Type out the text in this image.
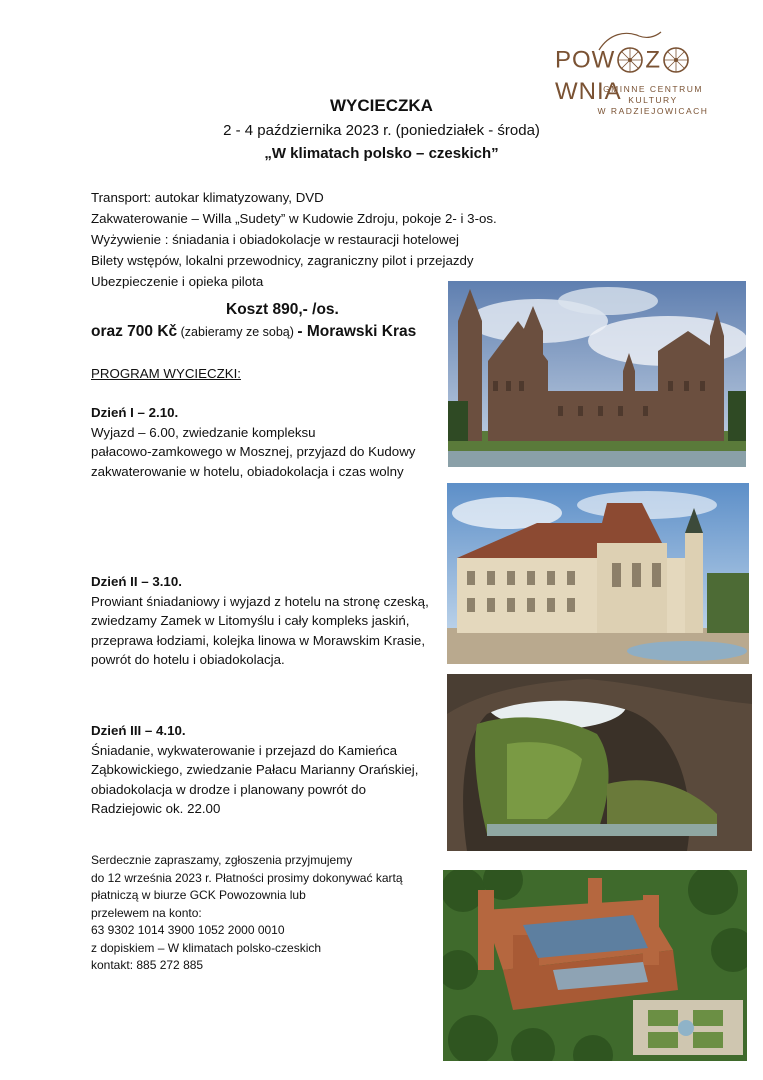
POW ZWNIA
GMINNE CENTRUM KULTURY
W RADZIEJOWICACH
WYCIECZKA
2 - 4 października 2023 r. (poniedziałek - środa)
„W klimatach polsko – czeskich”
Transport: autokar klimatyzowany, DVD
Zakwaterowanie – Willa „Sudety” w Kudowie Zdroju, pokoje 2- i 3-os.
Wyżywienie : śniadania i obiadokolacje w restauracji hotelowej
Bilety wstępów, lokalni przewodnicy, zagraniczny pilot i przejazdy
Ubezpieczenie i opieka pilota
Koszt 890,- /os.
oraz 700 Kč (zabieramy ze sobą) - Morawski Kras
PROGRAM WYCIECZKI:
Dzień I – 2.10.
Wyjazd – 6.00, zwiedzanie kompleksu
pałacowo-zamkowego w Mosznej, przyjazd do Kudowy
zakwaterowanie w hotelu, obiadokolacja i czas wolny
Dzień II – 3.10.
Prowiant śniadaniowy i wyjazd z hotelu na stronę czeską,
zwiedzamy Zamek w Litomyślu i cały kompleks jaskiń,
przeprawa łodziami, kolejka linowa w Morawskim Krasie,
powrót do hotelu i obiadokolacja.
Dzień III – 4.10.
Śniadanie, wykwaterowanie i przejazd do Kamieńca
Ząbkowickiego, zwiedzanie Pałacu Marianny Orańskiej,
obiadokolacja w drodze i planowany powrót do
Radziejowic ok. 22.00
Serdecznie zapraszamy, zgłoszenia przyjmujemy
do 12 września 2023 r. Płatności prosimy dokonywać kartą
płatniczą w biurze GCK Powozownia lub
przelewem na konto:
63 9302 1014 3900 1052 2000 0010
z dopiskiem – W klimatach polsko-czeskich
kontakt: 885 272 885
